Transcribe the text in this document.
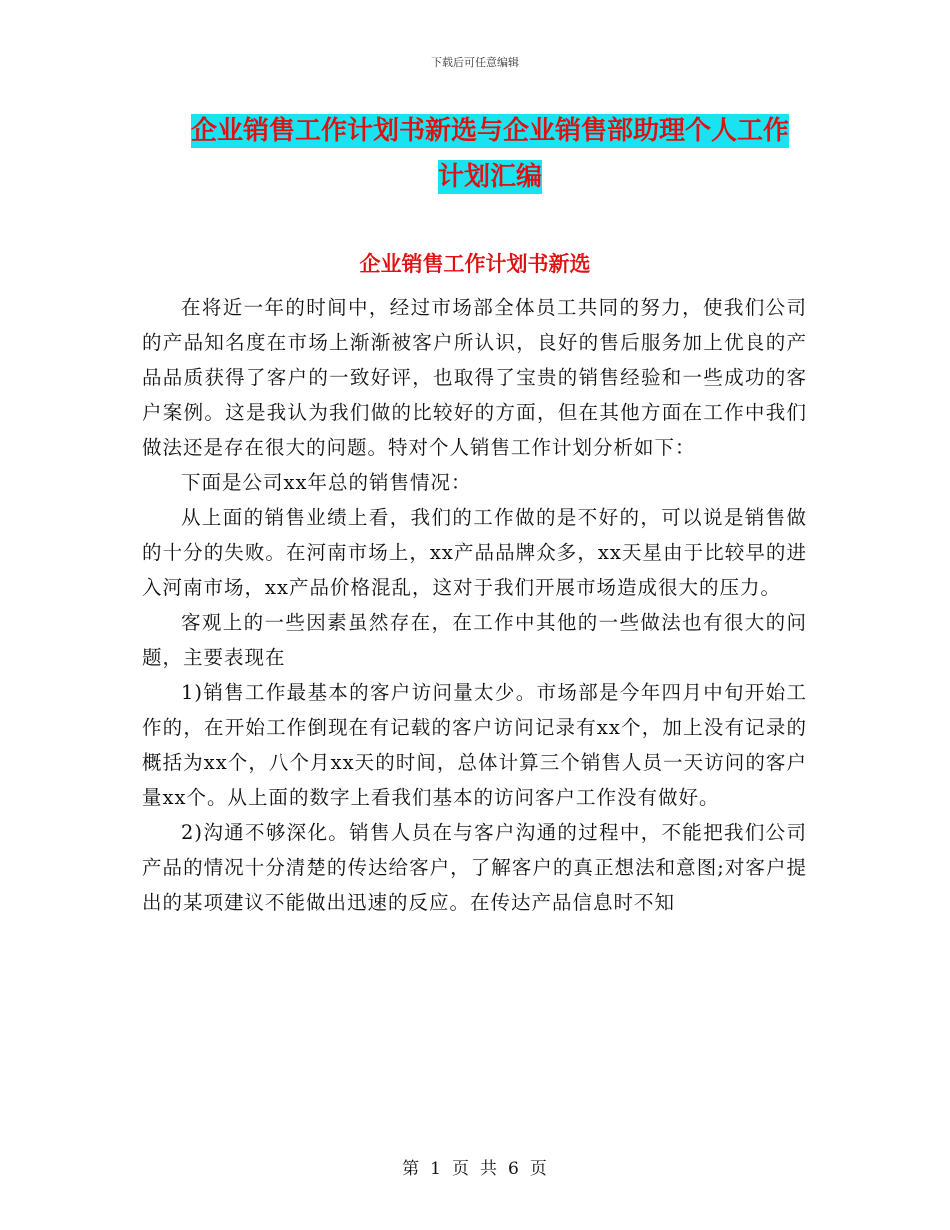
下载后可任意编辑
企业销售工作计划书新选与企业销售部助理个人工作
计划汇编
企业销售工作计划书新选

在将近一年的时间中，经过市场部全体员工共同的努力，使我们公司的产品知名度在市场上渐渐被客户所认识，良好的售后服务加上优良的产品品质获得了客户的一致好评，也取得了宝贵的销售经验和一些成功的客户案例。这是我认为我们做的比较好的方面，但在其他方面在工作中我们做法还是存在很大的问题。特对个人销售工作计划分析如下：

下面是公司xx年总的销售情况：

从上面的销售业绩上看，我们的工作做的是不好的，可以说是销售做的十分的失败。在河南市场上，xx产品品牌众多，xx天星由于比较早的进入河南市场，xx产品价格混乱，这对于我们开展市场造成很大的压力。

客观上的一些因素虽然存在，在工作中其他的一些做法也有很大的问题，主要表现在

1)销售工作最基本的客户访问量太少。市场部是今年四月中旬开始工作的，在开始工作倒现在有记载的客户访问记录有xx个，加上没有记录的概括为xx个，八个月xx天的时间，总体计算三个销售人员一天访问的客户量xx个。从上面的数字上看我们基本的访问客户工作没有做好。

2)沟通不够深化。销售人员在与客户沟通的过程中，不能把我们公司产品的情况十分清楚的传达给客户，了解客户的真正想法和意图;对客户提出的某项建议不能做出迅速的反应。在传达产品信息时不知

第 1 页 共 6 页
